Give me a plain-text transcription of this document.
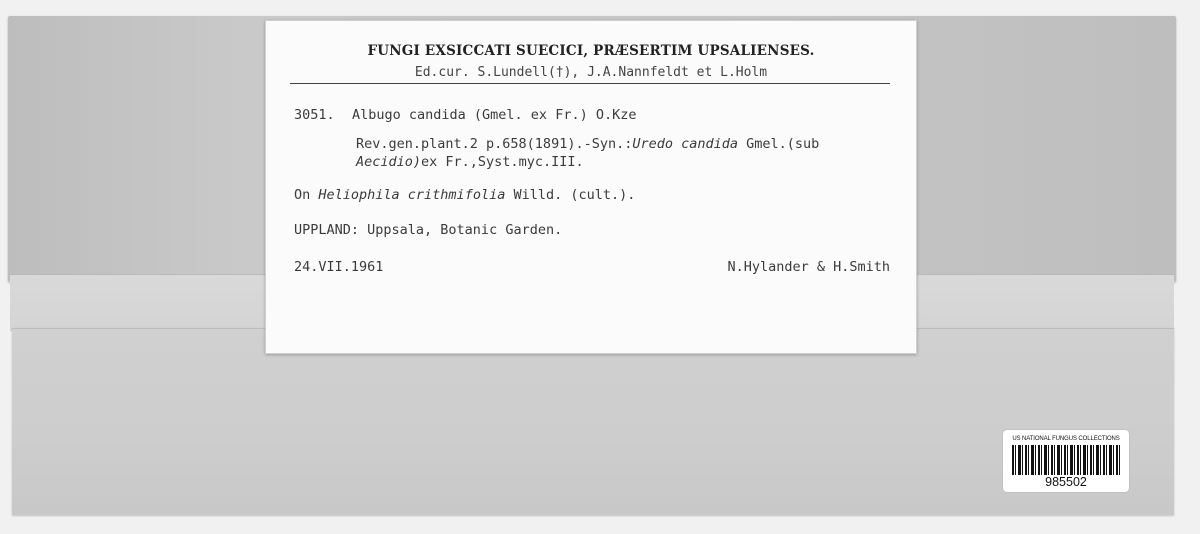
FUNGI EXSICCATI SUECICI, PRÆSERTIM UPSALIENSES.
Ed.cur. S.Lundell(†), J.A.Nannfeldt et L.Holm
3051. Albugo candida (Gmel. ex Fr.) O.Kze
Rev.gen.plant.2 p.658(1891).-Syn.:Uredo candida Gmel.(sub
Aecidio)ex Fr.,Syst.myc.III.
On Heliophila crithmifolia Willd. (cult.).
UPPLAND: Uppsala, Botanic Garden.
24.VII.1961	N.Hylander & H.Smith
US NATIONAL FUNGUS COLLECTIONS
985502
